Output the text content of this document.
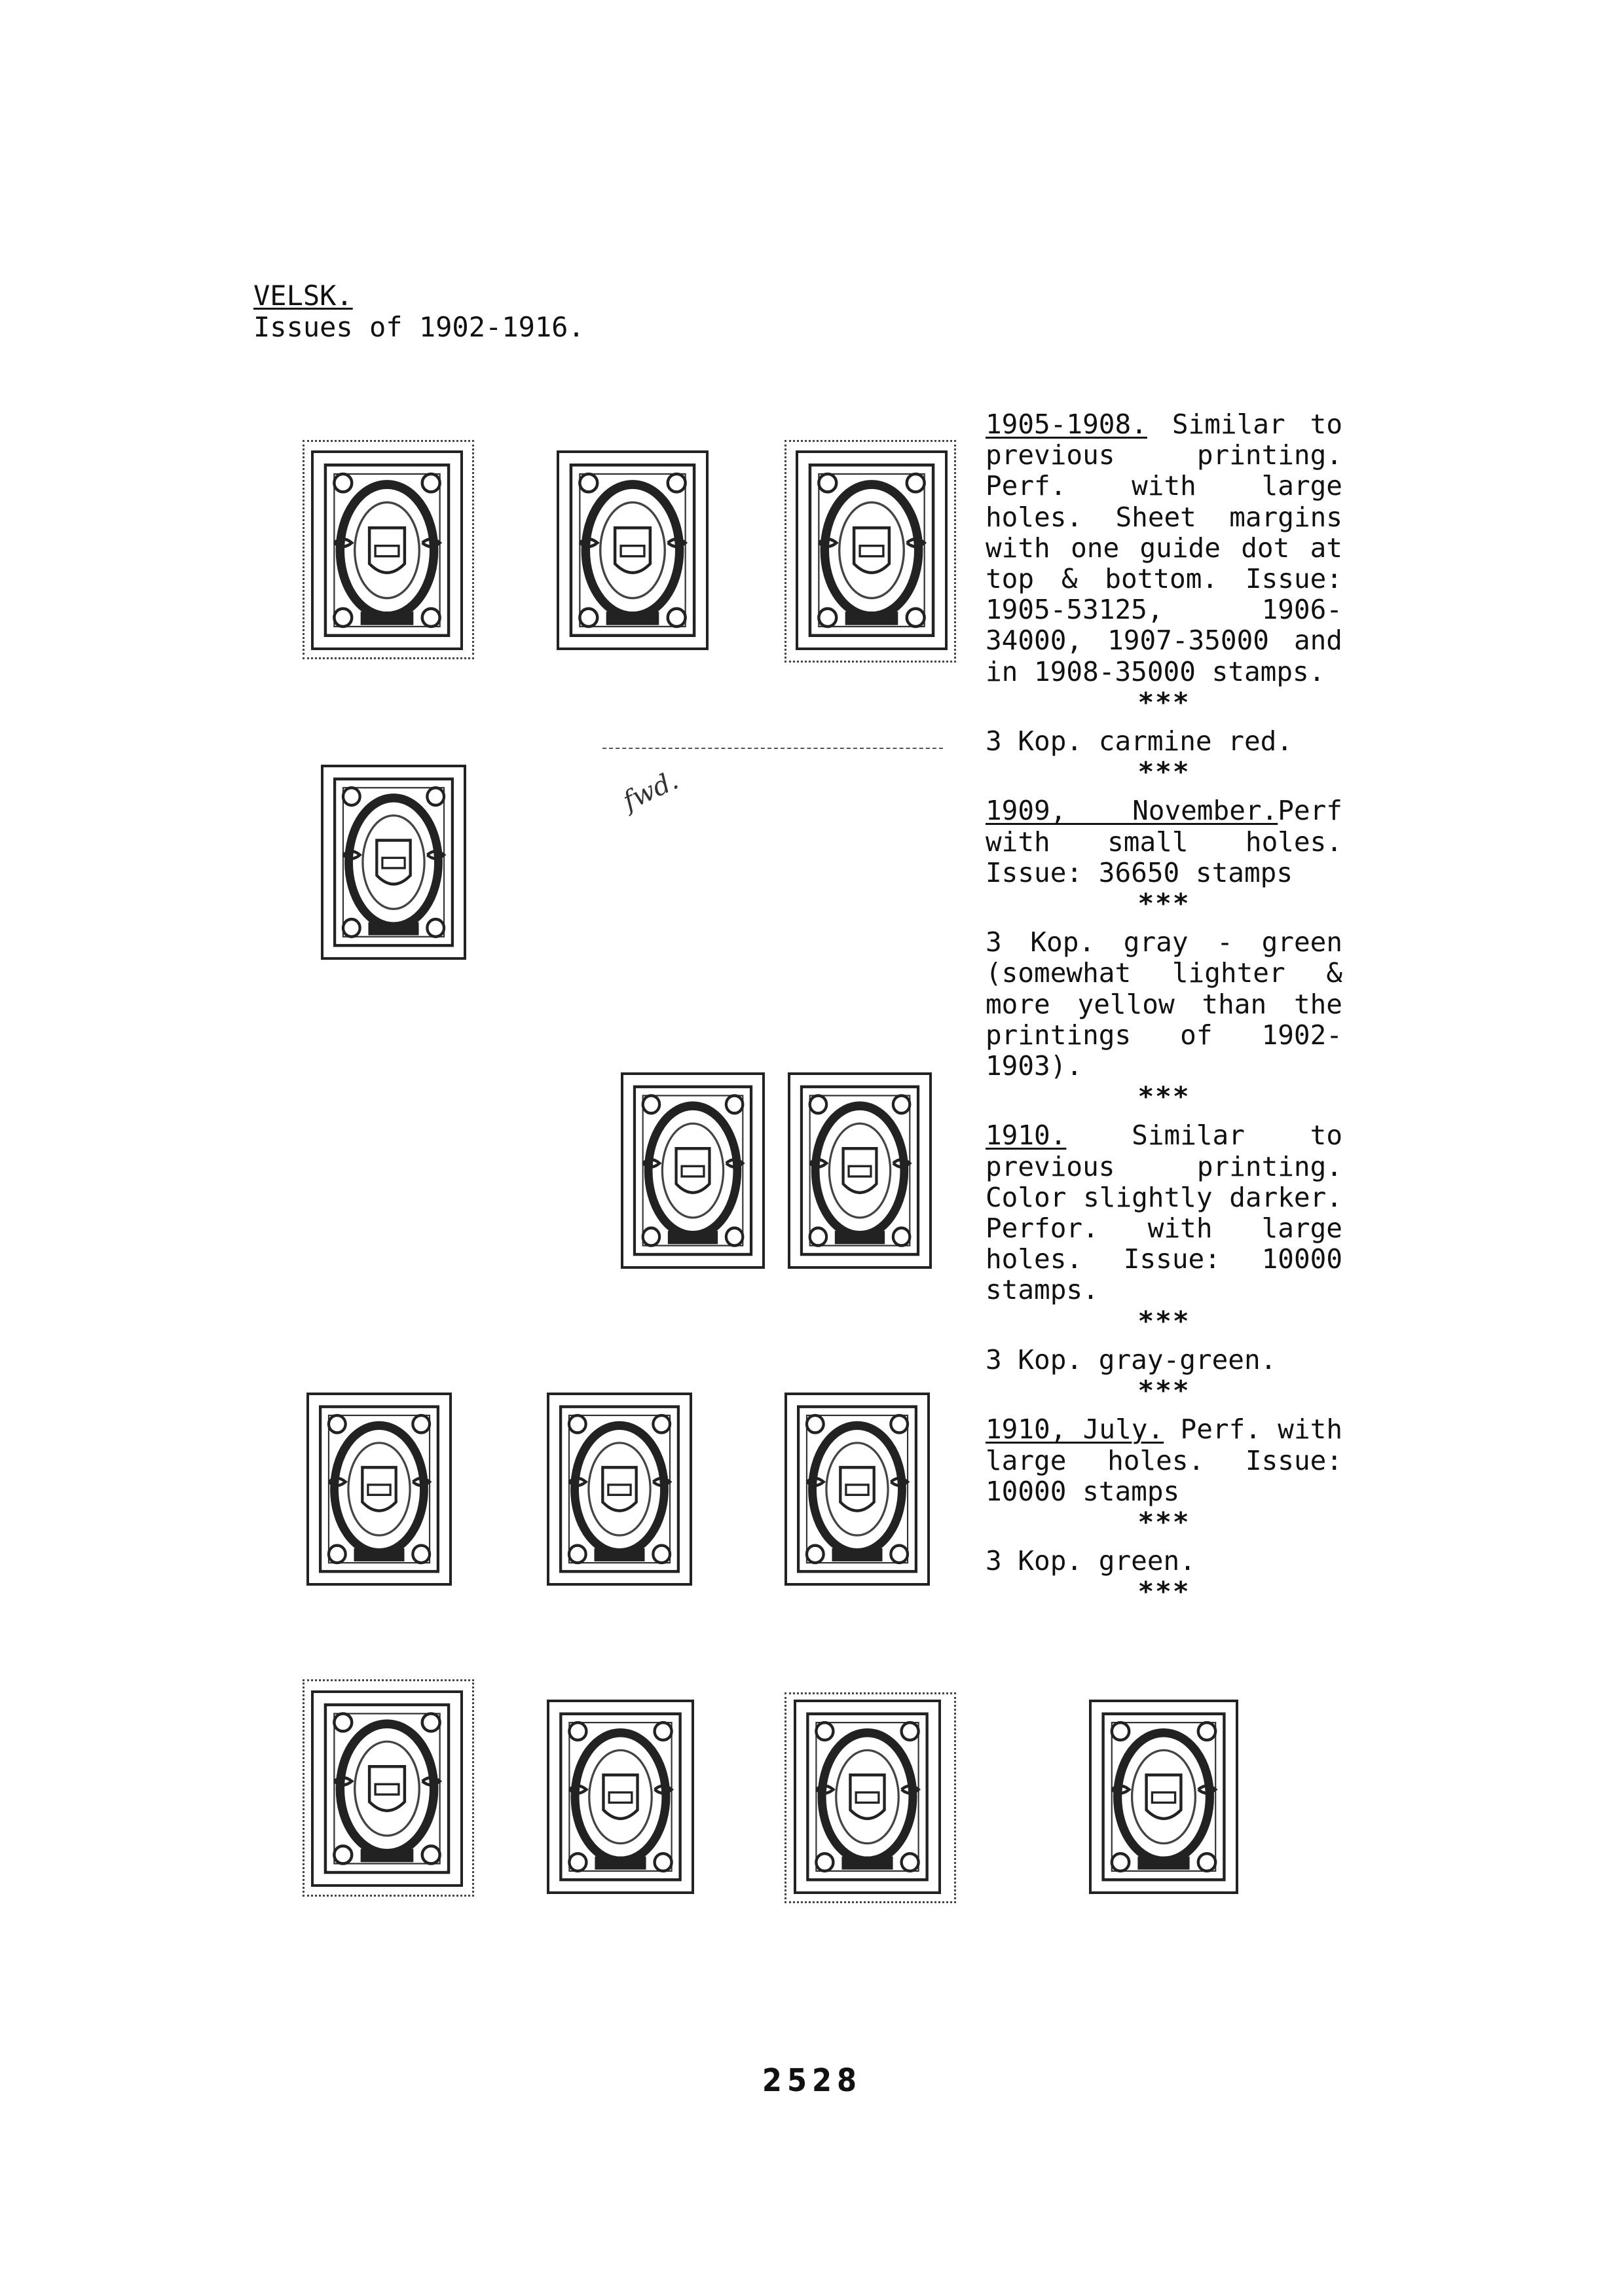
VELSK.
Issues of 1902-1916.
1905-1908. Similar to previous printing. Perf. with large holes. Sheet margins with one guide dot at top & bottom. Issue: 1905-53125, 1906-34000, 1907-35000 and in 1908-35000 stamps.
***
3 Kop. carmine red.
***
1909, November.Perf with small holes. Issue: 36650 stamps
***
3 Kop. gray - green (somewhat lighter & more yellow than the printings of 1902-1903).
***
1910. Similar to previous printing. Color slightly darker. Perfor. with large holes. Issue: 10000 stamps.
***
3 Kop. gray-green.
***
1910, July. Perf. with large holes. Issue: 10000 stamps
***
3 Kop. green.
***
fwd.
2528
